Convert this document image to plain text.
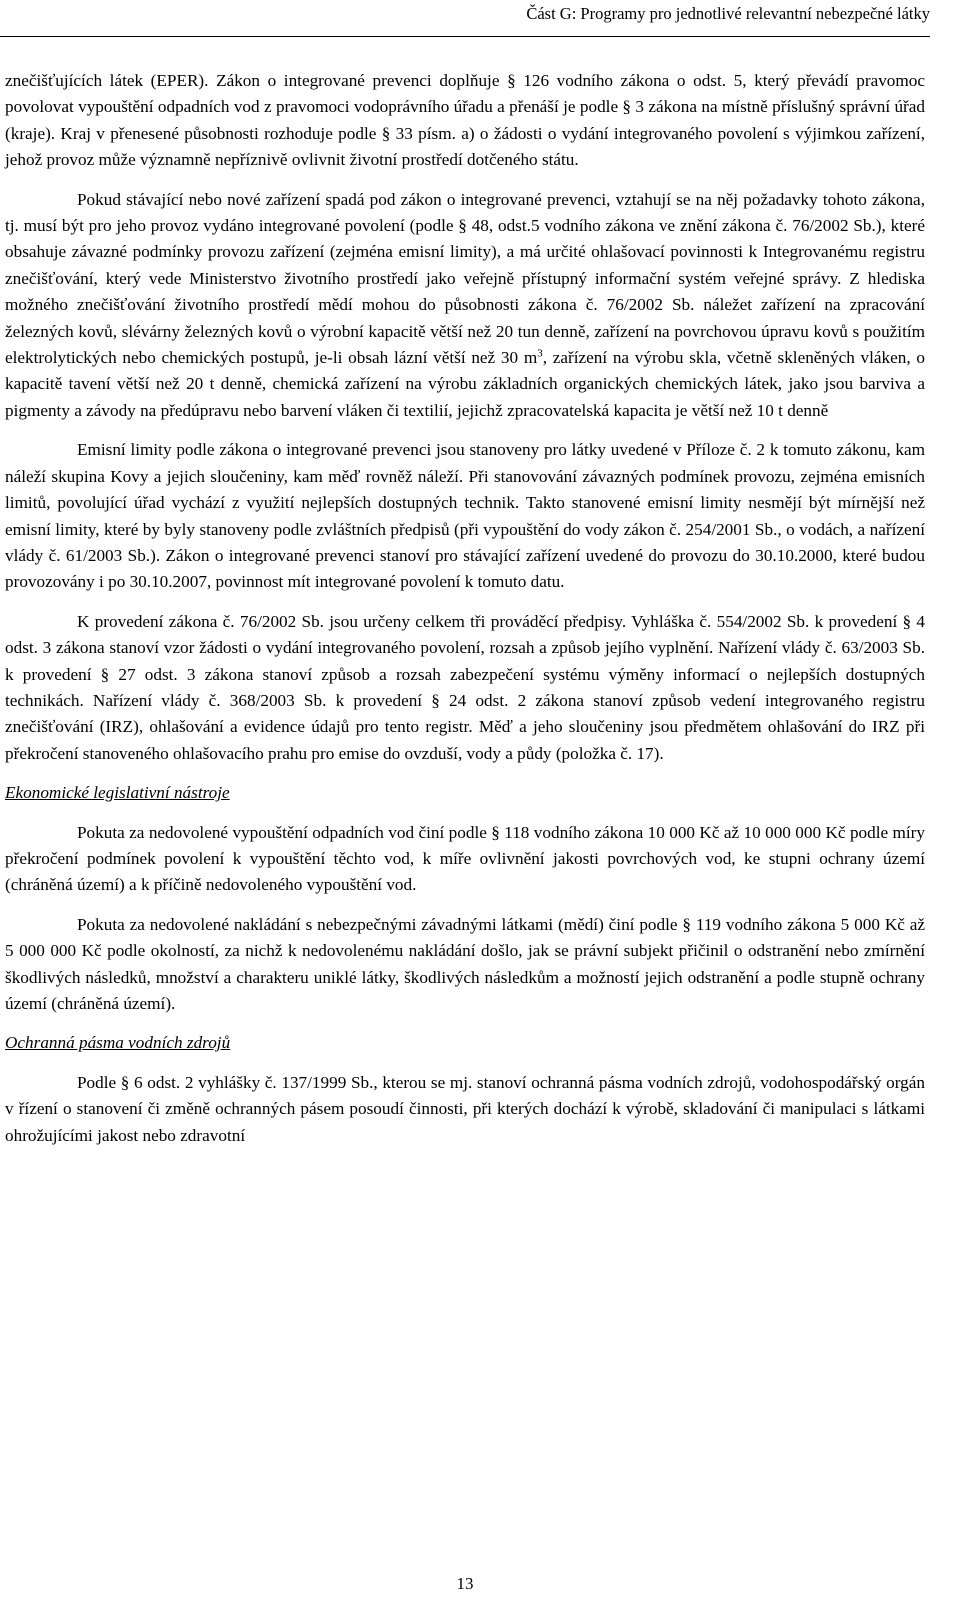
Část G: Programy pro jednotlivé relevantní nebezpečné látky

znečišťujících látek (EPER). Zákon o integrované prevenci doplňuje § 126 vodního zákona o odst. 5, který převádí pravomoc povolovat vypouštění odpadních vod z pravomoci vodoprávního úřadu a přenáší je podle § 3 zákona na místně příslušný správní úřad (kraje). Kraj v přenesené působnosti rozhoduje podle § 33 písm. a) o žádosti o vydání integrovaného povolení s výjimkou zařízení, jehož provoz může významně nepříznivě ovlivnit životní prostředí dotčeného státu.

Pokud stávající nebo nové zařízení spadá pod zákon o integrované prevenci, vztahují se na něj požadavky tohoto zákona, tj. musí být pro jeho provoz vydáno integrované povolení (podle § 48, odst.5 vodního zákona ve znění zákona č. 76/2002 Sb.), které obsahuje závazné podmínky provozu zařízení (zejména emisní limity), a má určité ohlašovací povinnosti k Integrovanému registru znečišťování, který vede Ministerstvo životního prostředí jako veřejně přístupný informační systém veřejné správy. Z hlediska možného znečišťování životního prostředí mědí mohou do působnosti zákona č. 76/2002 Sb. náležet zařízení na zpracování železných kovů, slévárny železných kovů o výrobní kapacitě větší než 20 tun denně, zařízení na povrchovou úpravu kovů s použitím elektrolytických nebo chemických postupů, je-li obsah lázní větší než 30 $m^3$, zařízení na výrobu skla, včetně skleněných vláken, o kapacitě tavení větší než 20 t denně, chemická zařízení na výrobu základních organických chemických látek, jako jsou barviva a pigmenty a závody na předúpravu nebo barvení vláken či textilií, jejichž zpracovatelská kapacita je větší než 10 t denně

Emisní limity podle zákona o integrované prevenci jsou stanoveny pro látky uvedené v Příloze č. 2 k tomuto zákonu, kam náleží skupina Kovy a jejich sloučeniny, kam měď rovněž náleží. Při stanovování závazných podmínek provozu, zejména emisních limitů, povolující úřad vychází z využití nejlepších dostupných technik. Takto stanovené emisní limity nesmějí být mírnější než emisní limity, které by byly stanoveny podle zvláštních předpisů (při vypouštění do vody zákon č. 254/2001 Sb., o vodách, a nařízení vlády č. 61/2003 Sb.). Zákon o integrované prevenci stanoví pro stávající zařízení uvedené do provozu do 30.10.2000, které budou provozovány i po 30.10.2007, povinnost mít integrované povolení k tomuto datu.

K provedení zákona č. 76/2002 Sb. jsou určeny celkem tři prováděcí předpisy. Vyhláška č. 554/2002 Sb. k provedení § 4 odst. 3 zákona stanoví vzor žádosti o vydání integrovaného povolení, rozsah a způsob jejího vyplnění. Nařízení vlády č. 63/2003 Sb. k provedení § 27 odst. 3 zákona stanoví způsob a rozsah zabezpečení systému výměny informací o nejlepších dostupných technikách. Nařízení vlády č. 368/2003 Sb. k provedení § 24 odst. 2 zákona stanoví způsob vedení integrovaného registru znečišťování (IRZ), ohlašování a evidence údajů pro tento registr. Měď a jeho sloučeniny jsou předmětem ohlašování do IRZ při překročení stanoveného ohlašovacího prahu pro emise do ovzduší, vody a půdy (položka č. 17).

Ekonomické legislativní nástroje

Pokuta za nedovolené vypouštění odpadních vod činí podle § 118 vodního zákona 10 000 Kč až 10 000 000 Kč podle míry překročení podmínek povolení k vypouštění těchto vod, k míře ovlivnění jakosti povrchových vod, ke stupni ochrany území (chráněná území) a k příčině nedovoleného vypouštění vod.

Pokuta za nedovolené nakládání s nebezpečnými závadnými látkami (mědí) činí podle § 119 vodního zákona 5 000 Kč až 5 000 000 Kč podle okolností, za nichž k nedovolenému nakládání došlo, jak se právní subjekt přičinil o odstranění nebo zmírnění škodlivých následků, množství a charakteru uniklé látky, škodlivých následkům a možností jejich odstranění a podle stupně ochrany území (chráněná území).

Ochranná pásma vodních zdrojů

Podle § 6 odst. 2 vyhlášky č. 137/1999 Sb., kterou se mj. stanoví ochranná pásma vodních zdrojů, vodohospodářský orgán v řízení o stanovení či změně ochranných pásem posoudí činnosti, při kterých dochází k výrobě, skladování či manipulaci s látkami ohrožujícími jakost nebo zdravotní

13
